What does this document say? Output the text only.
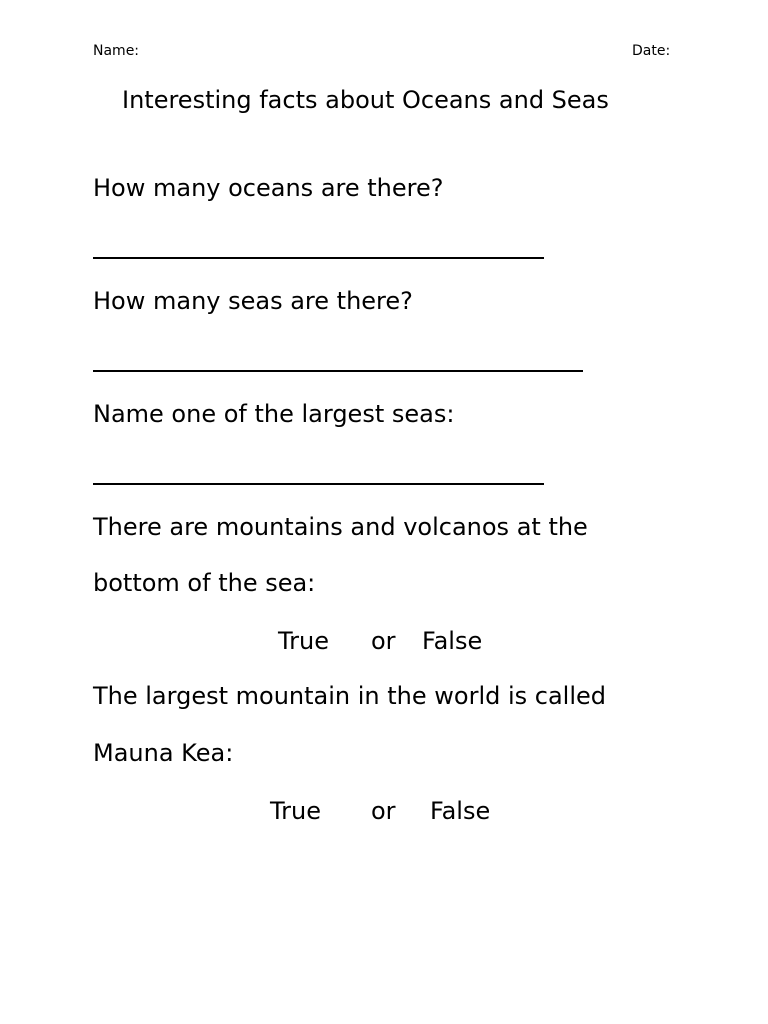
Name:	Date:
Interesting facts about Oceans and Seas
How many oceans are there?
How many seas are there?
Name one of the largest seas:
There are mountains and volcanos at the
bottom of the sea:
True or False
The largest mountain in the world is called
Mauna Kea:
True or False
